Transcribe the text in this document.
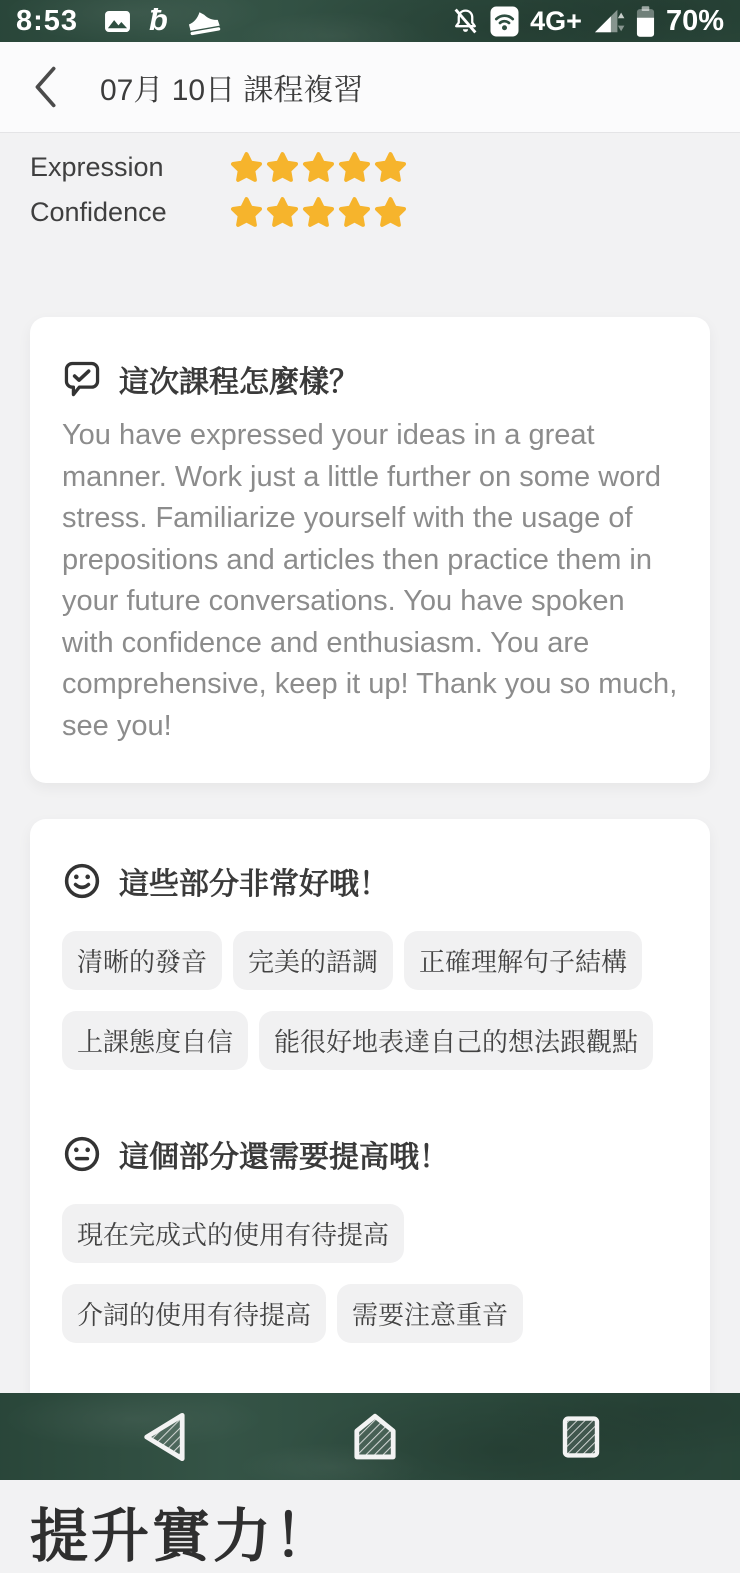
8:53 ƀ	4G+	70%
07月 10日 課程複習
Expression
Confidence
這次課程怎麼樣？
You have expressed your ideas in a great manner. Work just a little further on some word stress. Familiarize yourself with the usage of prepositions and articles then practice them in your future conversations. You have spoken with confidence and enthusiasm. You are comprehensive, keep it up! Thank you so much, see you!
這些部分非常好哦！
清晰的發音	完美的語調	正確理解句子結構
上課態度自信	能很好地表達自己的想法跟觀點
這個部分還需要提高哦！
現在完成式的使用有待提高
介詞的使用有待提高	需要注意重音
提升實力！
